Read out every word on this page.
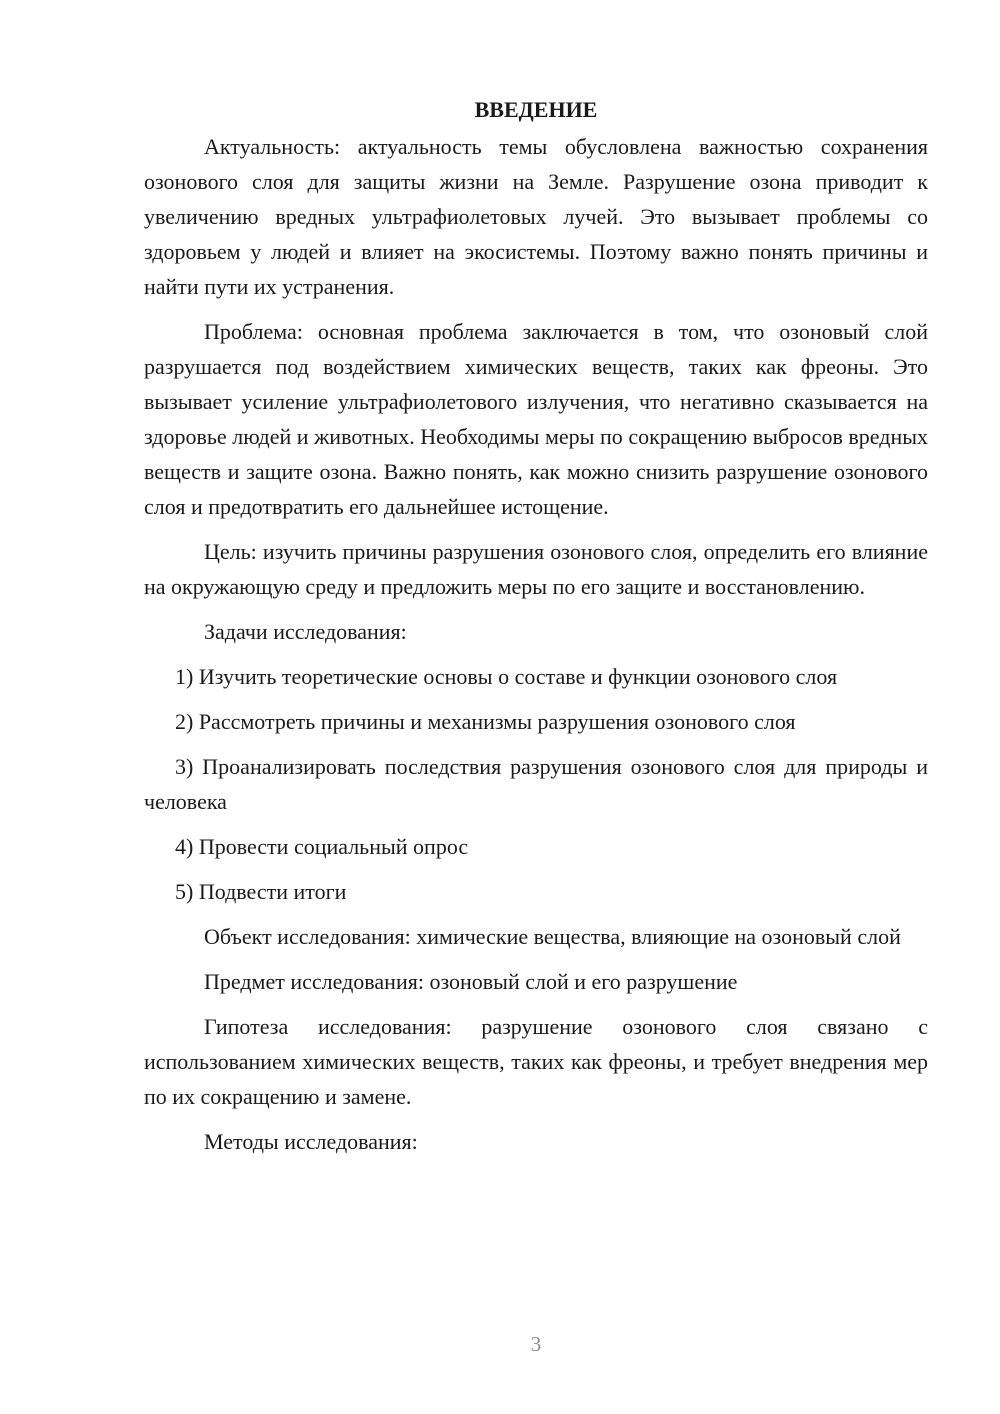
ВВЕДЕНИЕ

Актуальность: актуальность темы обусловлена важностью сохранения озонового слоя для защиты жизни на Земле. Разрушение озона приводит к увеличению вредных ультрафиолетовых лучей. Это вызывает проблемы со здоровьем у людей и влияет на экосистемы. Поэтому важно понять причины и найти пути их устранения.

Проблема: основная проблема заключается в том, что озоновый слой разрушается под воздействием химических веществ, таких как фреоны. Это вызывает усиление ультрафиолетового излучения, что негативно сказывается на здоровье людей и животных. Необходимы меры по сокращению выбросов вредных веществ и защите озона. Важно понять, как можно снизить разрушение озонового слоя и предотвратить его дальнейшее истощение.

Цель: изучить причины разрушения озонового слоя, определить его влияние на окружающую среду и предложить меры по его защите и восстановлению.

Задачи исследования:

1) Изучить теоретические основы о составе и функции озонового слоя

2) Рассмотреть причины и механизмы разрушения озонового слоя

3) Проанализировать последствия разрушения озонового слоя для природы и человека

4) Провести социальный опрос

5) Подвести итоги

Объект исследования: химические вещества, влияющие на озоновый слой

Предмет исследования: озоновый слой и его разрушение

Гипотеза исследования: разрушение озонового слоя связано с использованием химических веществ, таких как фреоны, и требует внедрения мер по их сокращению и замене.

Методы исследования:

3
